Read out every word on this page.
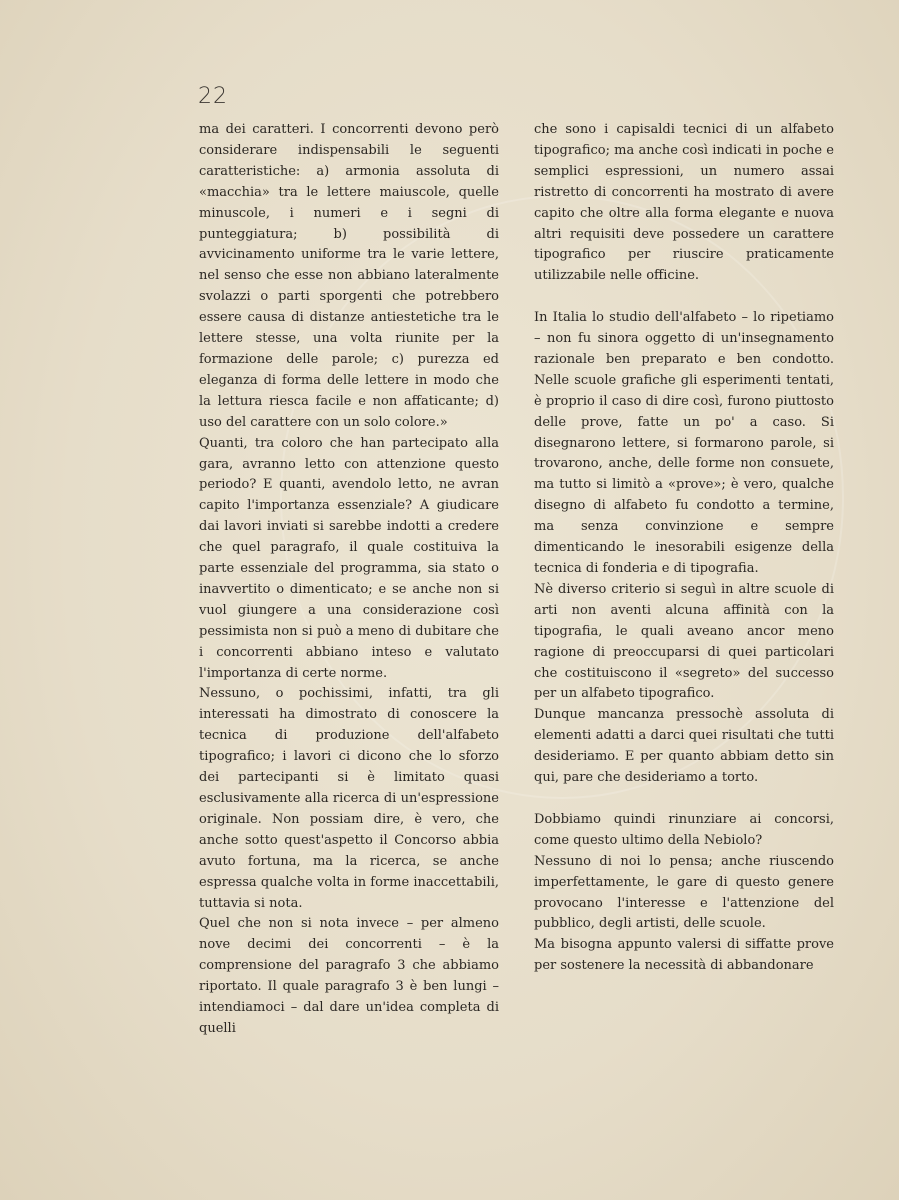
22

ma dei caratteri. I concorrenti devono però considerare indispensabili le seguenti caratteristiche: a) armonia assoluta di «macchia» tra le lettere maiuscole, quelle minuscole, i numeri e i segni di punteggiatura; b) possibilità di avvicinamento uniforme tra le varie lettere, nel senso che esse non abbiano lateralmente svolazzi o parti sporgenti che potrebbero essere causa di distanze antiestetiche tra le lettere stesse, una volta riunite per la formazione delle parole; c) purezza ed eleganza di forma delle lettere in modo che la lettura riesca facile e non affaticante; d) uso del carattere con un solo colore.»

Quanti, tra coloro che han partecipato alla gara, avranno letto con attenzione questo periodo? E quanti, avendolo letto, ne avran capito l'importanza essenziale? A giudicare dai lavori inviati si sarebbe indotti a credere che quel paragrafo, il quale costituiva la parte essenziale del programma, sia stato o inavvertito o dimenticato; e se anche non si vuol giungere a una considerazione così pessimista non si può a meno di dubitare che i concorrenti abbiano inteso e valutato l'importanza di certe norme.

Nessuno, o pochissimi, infatti, tra gli interessati ha dimostrato di conoscere la tecnica di produzione dell'alfabeto tipografico; i lavori ci dicono che lo sforzo dei partecipanti si è limitato quasi esclusivamente alla ricerca di un'espressione originale. Non possiam dire, è vero, che anche sotto quest'aspetto il Concorso abbia avuto fortuna, ma la ricerca, se anche espressa qualche volta in forme inaccettabili, tuttavia si nota.

Quel che non si nota invece – per almeno nove decimi dei concorrenti – è la comprensione del paragrafo 3 che abbiamo riportato. Il quale paragrafo 3 è ben lungi – intendiamoci – dal dare un'idea completa di quelli

che sono i capisaldi tecnici di un alfabeto tipografico; ma anche così indicati in poche e semplici espressioni, un numero assai ristretto di concorrenti ha mostrato di avere capito che oltre alla forma elegante e nuova altri requisiti deve possedere un carattere tipografico per riuscire praticamente utilizzabile nelle officine.

In Italia lo studio dell'alfabeto – lo ripetiamo – non fu sinora oggetto di un'insegnamento razionale ben preparato e ben condotto. Nelle scuole grafiche gli esperimenti tentati, è proprio il caso di dire così, furono piuttosto delle prove, fatte un po' a caso. Si disegnarono lettere, si formarono parole, si trovarono, anche, delle forme non consuete, ma tutto si limitò a «prove»; è vero, qualche disegno di alfabeto fu condotto a termine, ma senza convinzione e sempre dimenticando le inesorabili esigenze della tecnica di fonderia e di tipografia.

Nè diverso criterio si seguì in altre scuole di arti non aventi alcuna affinità con la tipografia, le quali aveano ancor meno ragione di preoccuparsi di quei particolari che costituiscono il «segreto» del successo per un alfabeto tipografico.

Dunque mancanza pressochè assoluta di elementi adatti a darci quei risultati che tutti desideriamo. E per quanto abbiam detto sin qui, pare che desideriamo a torto.

Dobbiamo quindi rinunziare ai concorsi, come questo ultimo della Nebiolo?

Nessuno di noi lo pensa; anche riuscendo imperfettamente, le gare di questo genere provocano l'interesse e l'attenzione del pubblico, degli artisti, delle scuole.

Ma bisogna appunto valersi di siffatte prove per sostenere la necessità di abbandonare
